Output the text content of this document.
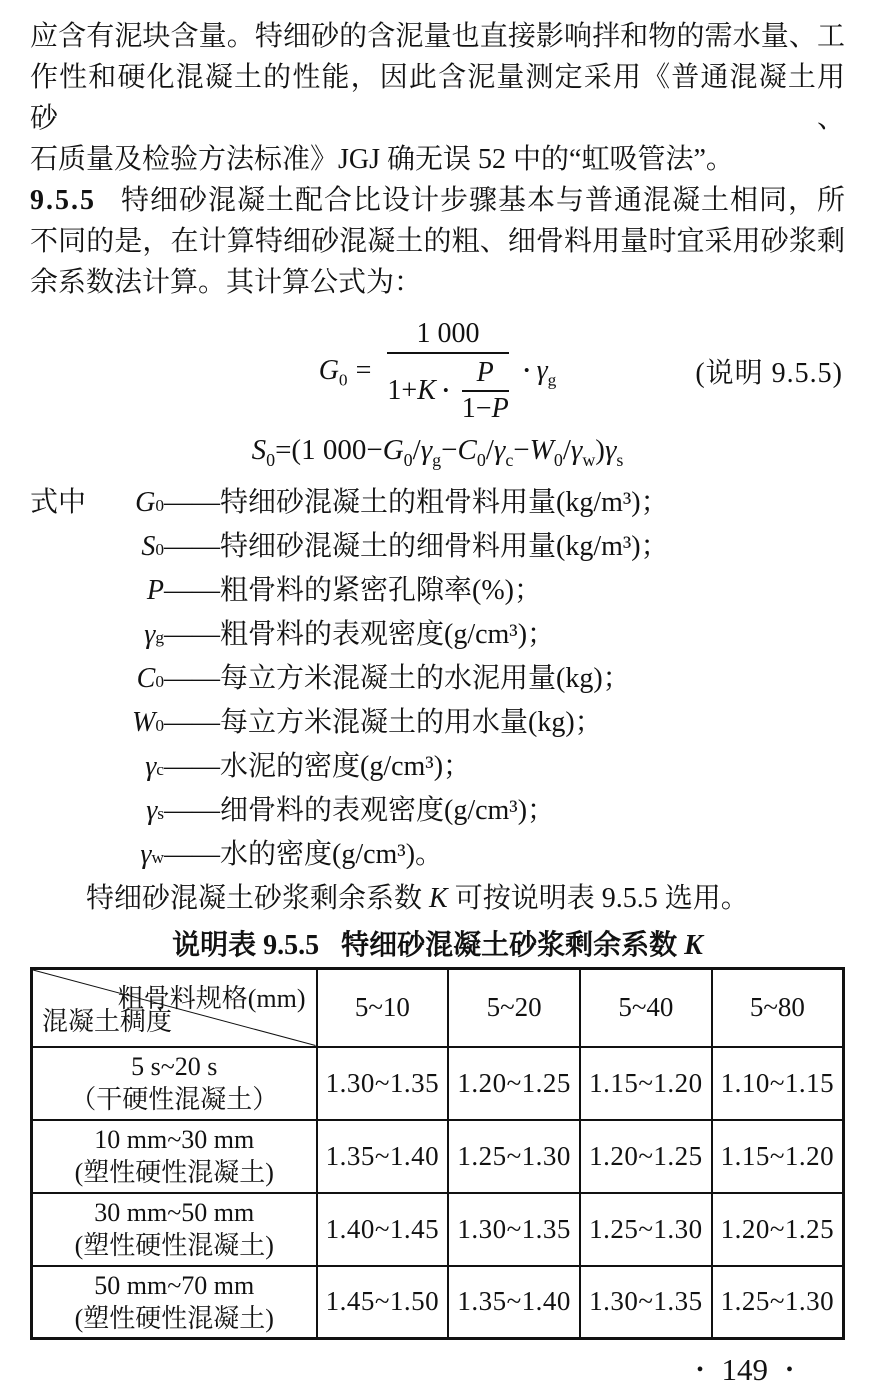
应含有泥块含量。特细砂的含泥量也直接影响拌和物的需水量、工
作性和硬化混凝土的性能，因此含泥量测定采用《普通混凝土用砂、
石质量及检验方法标准》JGJ 确无误 52 中的“虹吸管法”。
9.5.5 特细砂混凝土配合比设计步骤基本与普通混凝土相同，所
不同的是，在计算特细砂混凝土的粗、细骨料用量时宜采用砂浆剩
余系数法计算。其计算公式为：
$G_0 = \frac{1 000}{1+ K • \frac{P}{1-P}}$ • $\gamma_g$	(说明 9.5.5)
$S_0 =(1$ $000- G_0 / \gamma_g - C_0 / \gamma_c - W_0 / \gamma_w$ ) $\gamma_s$
式中	G 0 ——特细砂混凝土的粗骨料用量(kg/m³)；
S 0 ——特细砂混凝土的细骨料用量(kg/m³)；
P ——粗骨料的紧密孔隙率(%)；
γ g ——粗骨料的表观密度(g/cm³)；
C 0 ——每立方米混凝土的水泥用量(kg)；
W 0 ——每立方米混凝土的用水量(kg)；
γ c ——水泥的密度(g/cm³)；
γ s ——细骨料的表观密度(g/cm³)；
γ w ——水的密度(g/cm³)。
特细砂混凝土砂浆剩余系数 K 可按说明表 9.5.5 选用。
说明表 9.5.5 特细砂混凝土砂浆剩余系数 K
粗骨料规格(mm)
混凝土稠度	5~10	5~20	5~40	5~80

5 s~20 s
（干硬性混凝土）	1.30~1.35	1.20~1.25	1.15~1.20	1.10~1.15

10 mm~30 mm
(塑性硬性混凝土)	1.35~1.40	1.25~1.30	1.20~1.25	1.15~1.20

30 mm~50 mm
(塑性硬性混凝土)	1.40~1.45	1.30~1.35	1.25~1.30	1.20~1.25

50 mm~70 mm
(塑性硬性混凝土)	1.45~1.50	1.35~1.40	1.30~1.35	1.25~1.30
• 149 •
